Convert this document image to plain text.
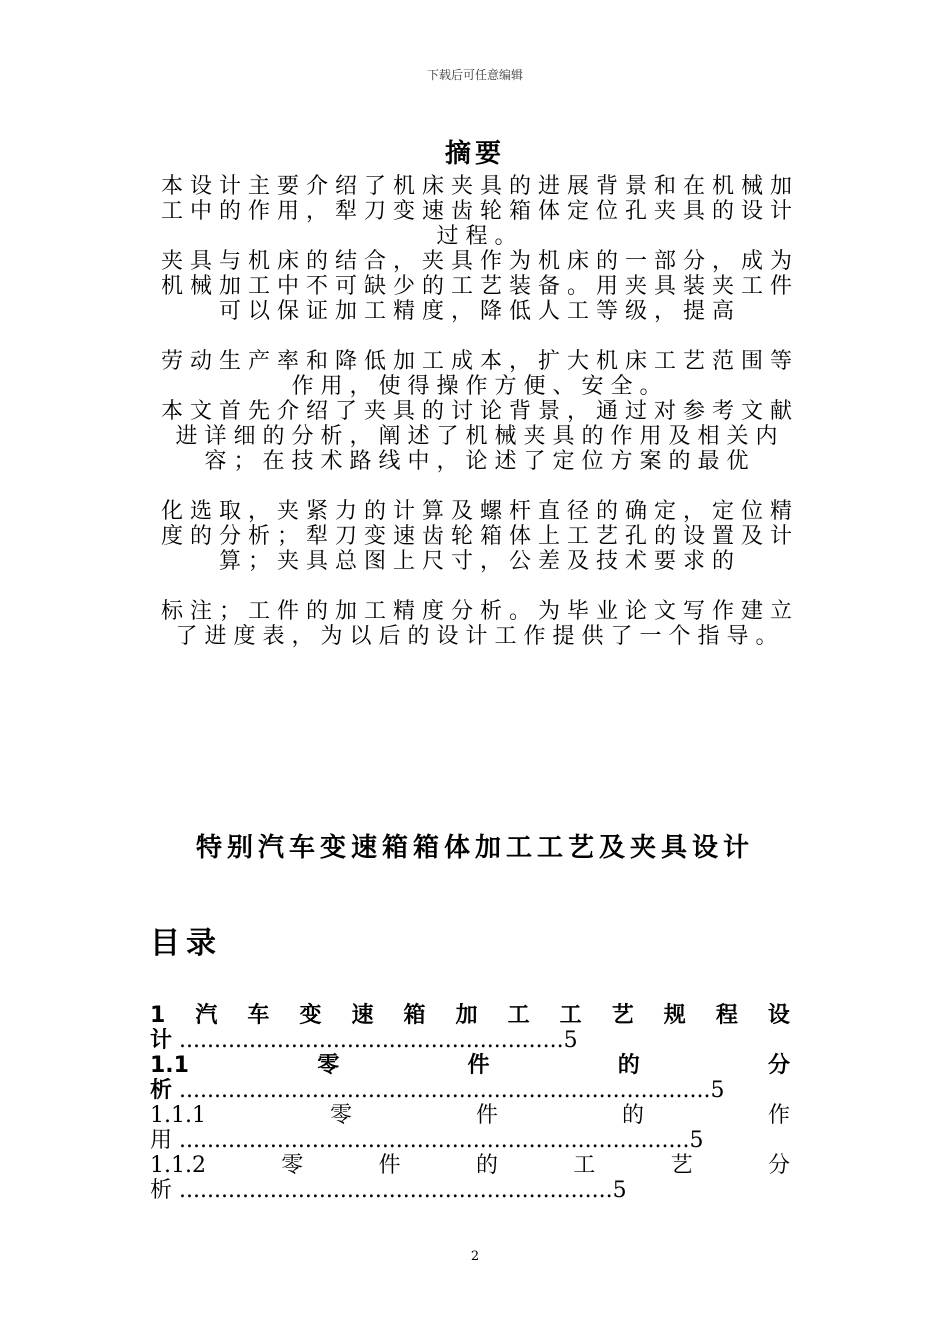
下载后可任意编辑
摘要

本设计主要介绍了机床夹具的进展背景和在机械加工中的作用，犁刀变速齿轮箱体定位孔夹具的设计过程。

夹具与机床的结合，夹具作为机床的一部分，成为机械加工中不可缺少的工艺装备。用夹具装夹工件可以保证加工精度，降低人工等级，提高

劳动生产率和降低加工成本，扩大机床工艺范围等作用，使得操作方便、安全。

本文首先介绍了夹具的讨论背景，通过对参考文献进详细的分析，阐述了机械夹具的作用及相关内容；在技术路线中，论述了定位方案的最优

化选取，夹紧力的计算及螺杆直径的确定，定位精度的分析；犁刀变速齿轮箱体上工艺孔的设置及计算；夹具总图上尺寸，公差及技术要求的

标注；工件的加工精度分析。为毕业论文写作建立了进度表，为以后的设计工作提供了一个指导。

特别汽车变速箱箱体加工工艺及夹具设计
目录
1 汽 车 变 速 箱 加 工 工 艺 规 程 设
计 .......................................................5
1.1	零	件	的	分
析 ............................................................................5
1.1.1	零	件	的	作
用 .........................................................................5
1.1.2	零	件	的	工	艺	分
析 ..............................................................5
2
